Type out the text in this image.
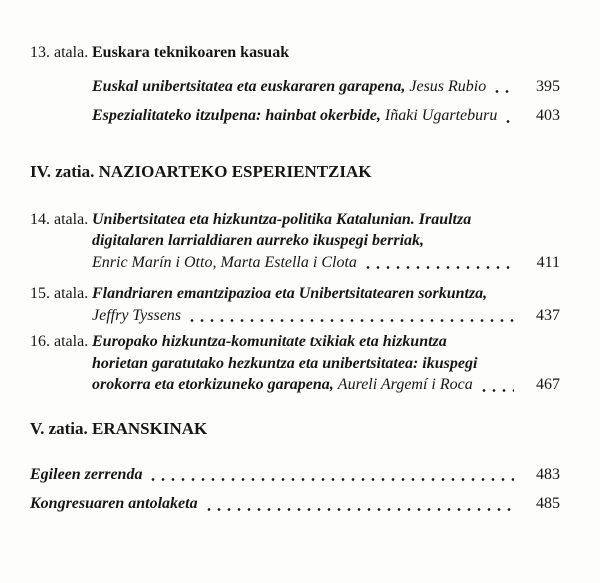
13. atala. Euskara teknikoaren kasuak
Euskal unibertsitatea eta euskararen garapena, Jesus Rubio	395
Espezialitateko itzulpena: hainbat okerbide, Iñaki Ugarteburu	403
IV. zatia. NAZIOARTEKO ESPERIENTZIAK
14. atala. Unibertsitatea eta hizkuntza-politika Katalunian. Iraultza
digitalaren larrialdiaren aurreko ikuspegi berriak,
Enric Marín i Otto, Marta Estella i Clota	411
15. atala. Flandriaren emantzipazioa eta Unibertsitatearen sorkuntza,
Jeffry Tyssens	437
16. atala. Europako hizkuntza-komunitate txikiak eta hizkuntza
horietan garatutako hezkuntza eta unibertsitatea: ikuspegi
orokorra eta etorkizuneko garapena, Aureli Argemí i Roca	467
V. zatia. ERANSKINAK
Egileen zerrenda	483
Kongresuaren antolaketa	485
